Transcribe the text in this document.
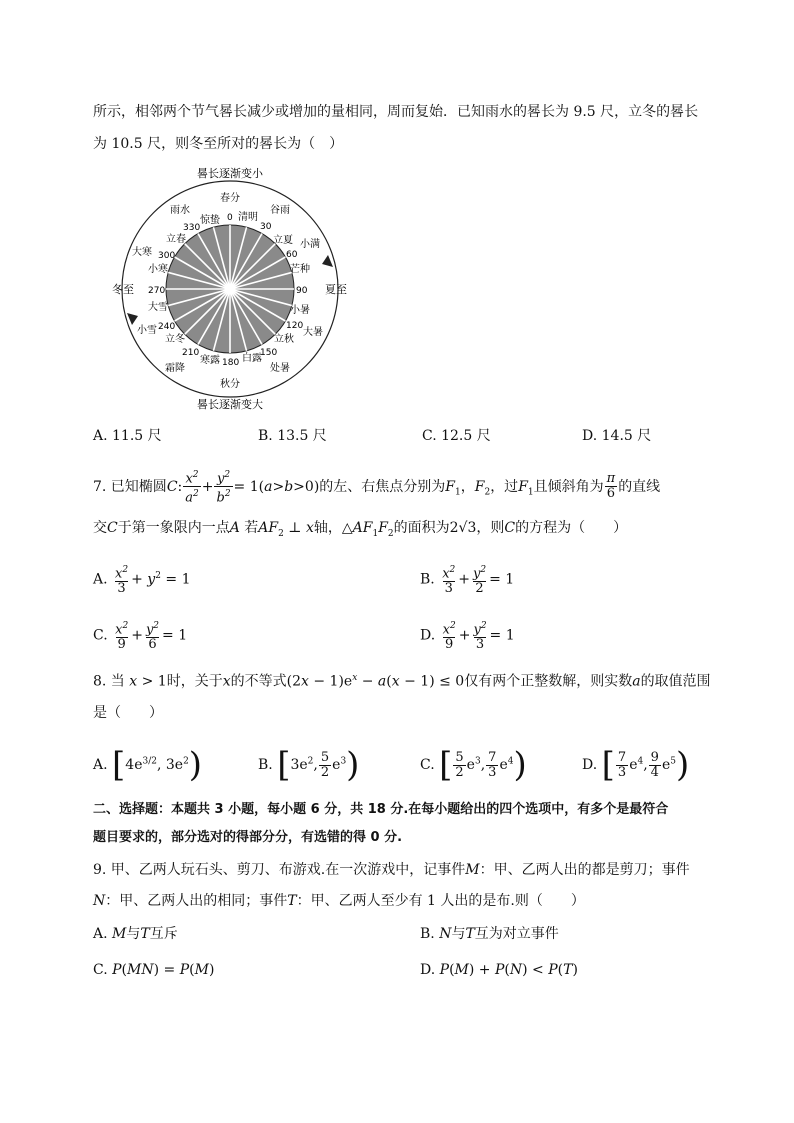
所示，相邻两个节气晷长减少或增加的量相同，周而复始．已知雨水的晷长为 9.5 尺，立冬的晷长
为 10.5 尺，则冬至所对的晷长为（　）
晷长逐渐变小
晷长逐渐变大
冬至	夏至
春分
清明
谷雨
立夏 小满
芒种
小暑
大暑
立秋
处暑
白露
秋分
寒露
霜降
立冬
小雪
大雪
小寒
大寒
立春
雨水
惊蛰 0
30
60
90
120
150
180
210
240
270
300
330
A. 11.5 尺	B. 13.5 尺	C. 12.5 尺	D. 14.5 尺
7. 已知椭圆C: $\frac{x^2}{a^2} + \frac{y^2}{b^2} = 1(a>b>0)$的左、右焦点分别为$F_1$，$F_2$，过$F_1$且倾斜角为 $\frac{\pi}{6}$ 的直线
交C于第一象限内一点A 若$AF_2$ ⊥ x轴，$\triangle AF_1F_2$的面积为2√3，则C的方程为（　　）
A. $\frac{x^2}{3} + y^2 = 1$	B. $\frac{x^2}{3} + \frac{y^2}{2} = 1$
C. $\frac{x^2}{9} + \frac{y^2}{6} = 1$	D. $\frac{x^2}{9} + \frac{y^2}{3} = 1$
8. 当 x > 1时，关于x的不等式$(2x - 1)e^x - a(x - 1) \le 0$仅有两个正整数解，则实数a的取值范围
是（　　）
A. [$4e^{3/2}$, $3e^2$)	B. [$3e^2$, $\frac{5}{2} e^3$)	C. [ $\frac{5}{2} e^3$, $\frac{7}{3} e^4$)	D. [ $\frac{7}{3} e^4$, $\frac{9}{4} e^5$)
二、选择题：本题共 3 小题，每小题 6 分，共 18 分.在每小题给出的四个选项中，有多个是最符合
题目要求的，部分选对的得部分分，有选错的得 0 分.
9. 甲、乙两人玩石头、剪刀、布游戏.在一次游戏中，记事件M：甲、乙两人出的都是剪刀；事件
N：甲、乙两人出的相同；事件T：甲、乙两人至少有 1 人出的是布.则（　　）
A. M与T互斥	B. N与T互为对立事件
C. P(MN) = P(M)	D. P(M) + P(N) < P(T)
